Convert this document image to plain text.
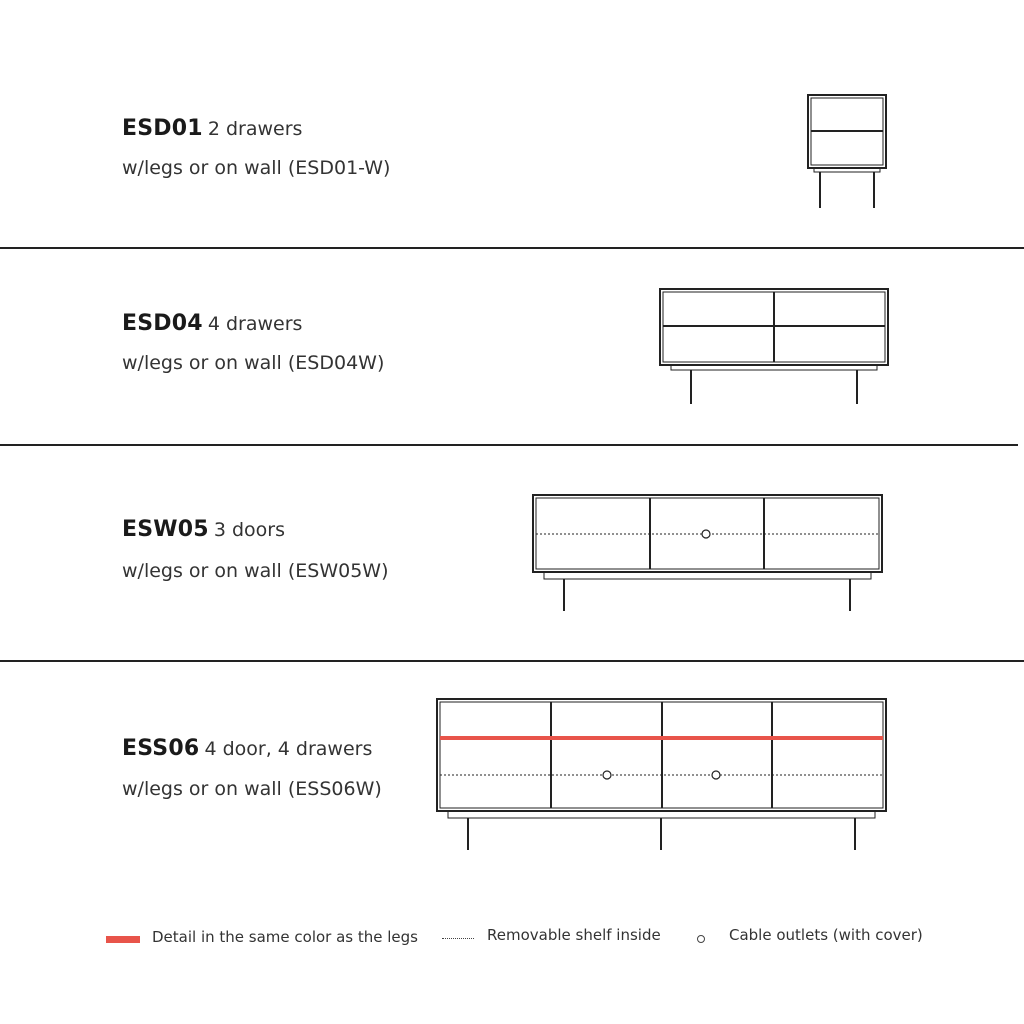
ESD01 2 drawers
w/legs or on wall (ESD01-W)
ESD04 4 drawers
w/legs or on wall (ESD04W)
ESW05 3 doors
w/legs or on wall (ESW05W)
ESS06 4 door, 4 drawers
w/legs or on wall (ESS06W)
Detail in the same color as the legs	Removable shelf inside	Cable outlets (with cover)
